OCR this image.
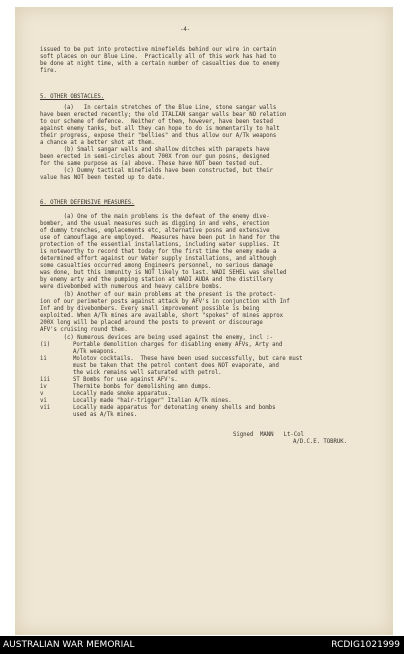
-4-
issued to be put into protective minefields behind our wire in certain
soft places on our Blue Line.  Practically all of this work has had to
be done at night time, with a certain number of casualties due to enemy
fire.
5. OTHER OBSTACLES.
(a)   In certain stretches of the Blue Line, stone sangar walls
have been erected recently; the old ITALIAN sangar walls bear NO relation
to our scheme of defence.  Neither of them, however, have been tested
against enemy tanks, but all they can hope to do is momentarily to halt
their progress, expose their "bellies" and thus allow our A/Tk weapons
a chance at a better shot at them.
(b) Small sangar walls and shallow ditches with parapets have
been erected in semi-circles about 700X from our gun posns, designed
for the same purpose as (a) above. These have NOT been tested out.
(c) Dummy tactical minefields have been constructed, but their
value has NOT been tested up to date.
6. OTHER DEFENSIVE MEASURES.
(a) One of the main problems is the defeat of the enemy dive-
bomber, and the usual measures such as digging in and vehs, erection
of dummy trenches, emplacements etc, alternative posns and extensive
use of camouflage are employed.  Measures have been put in hand for the
protection of the essential installations, including water supplies. It
is noteworthy to record that today for the first time the enemy made a
determined effort against our Water supply installations, and although
some casualties occurred among Engineers personnel, no serious damage
was done, but this immunity is NOT likely to last. WADI SEHEL was shelled
by enemy arty and the pumping station at WADI AUDA and the distillery
were divebombed with numerous and heavy calibre bombs.
(b) Another of our main problems at the present is the protect-
ion of our perimeter posts against attack by AFV's in conjunction with Inf
Inf and by divebombers. Every small improvement possible is being
exploited. When A/Tk mines are available, short "spokes" of mines approx
200X long will be placed around the posts to prevent or discourage
AFV's cruising round them.
(c) Numerous devices are being used against the enemy, incl :-
(i)	Portable demolition charges for disabling enemy AFVs, Arty and
A/Tk weapons.
ii	Molotov cocktails.  These have been used successfully, but care must
must be taken that the petrol content does NOT evaporate, and
the wick remains well saturated with petrol.
iii	ST Bombs for use against AFV's.
iv	Thermite bombs for demolishing amn dumps.
v	Locally made smoke apparatus.
vi	Locally made "hair-trigger" Italian A/Tk mines.
vii	Locally made apparatus for detonating enemy shells and bombs
used as A/Tk mines.
Signed  MANN   Lt-Col
A/D.C.E. TOBRUK.
AUSTRALIAN WAR MEMORIAL	RCDIG1021999
